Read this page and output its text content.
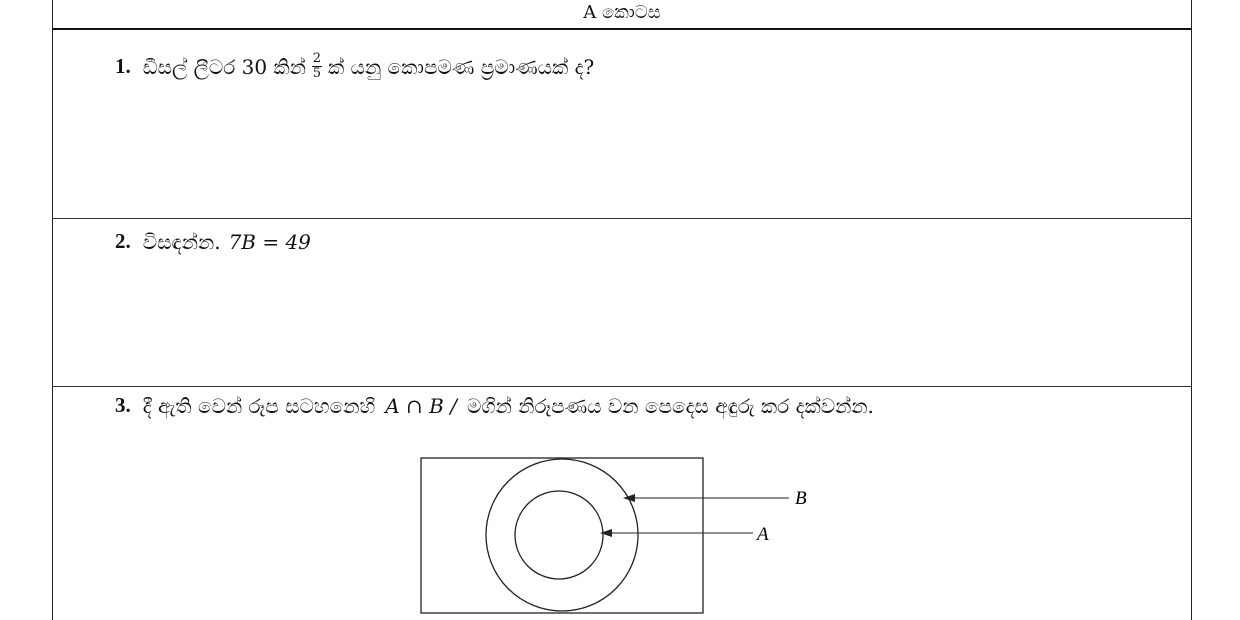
A කොටස
1. ඩීසල් ලීටර 30 කින් $\frac{2}{5}$ ක් යනු කොපමණ ප්‍රමාණයක් ද?
2. විසඳන්න. 7B = 49
3. දී ඇති වෙන් රූප සටහනෙහි A ∩ B / මගින් නිරූපණය වන පෙදෙස අඳුරු කර දක්වන්න.
B
A
